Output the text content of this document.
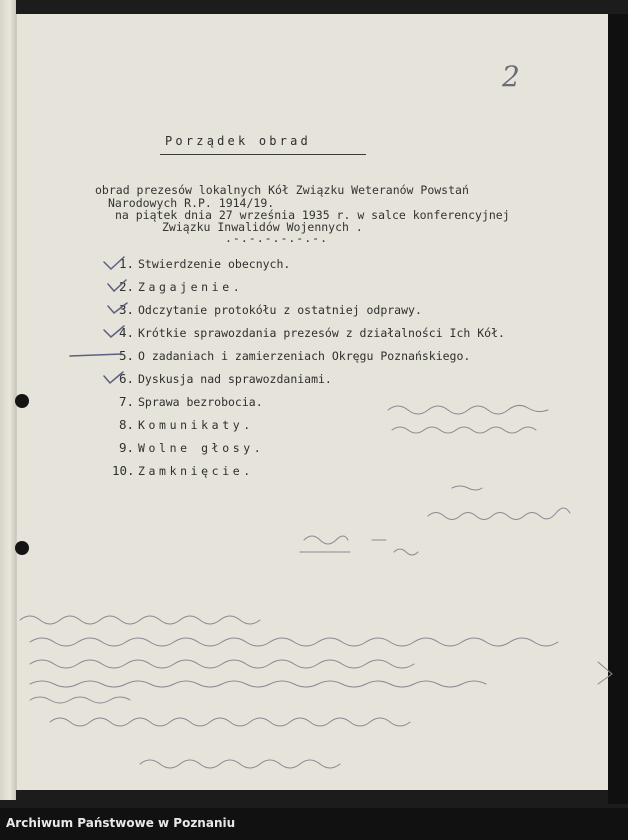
2
Porządek obrad
obrad prezesów lokalnych Kół Związku Weteranów Powstań
Narodowych R.P. 1914/19.
na piątek dnia 27 września 1935 r. w salce konferencyjnej
Związku Inwalidów Wojennych .
.-.-.-.-.-.-.
1. Stwierdzenie obecnych.
2. Zagajenie.
3. Odczytanie protokółu z ostatniej odprawy.
4. Krótkie sprawozdania prezesów z działalności Ich Kół.
5. O zadaniach i zamierzeniach Okręgu Poznańskiego.
6. Dyskusja nad sprawozdaniami.
7. Sprawa bezrobocia.
8. Komunikaty.
9. Wolne głosy.
10. Zamknięcie.
Archiwum Państwowe w Poznaniu
